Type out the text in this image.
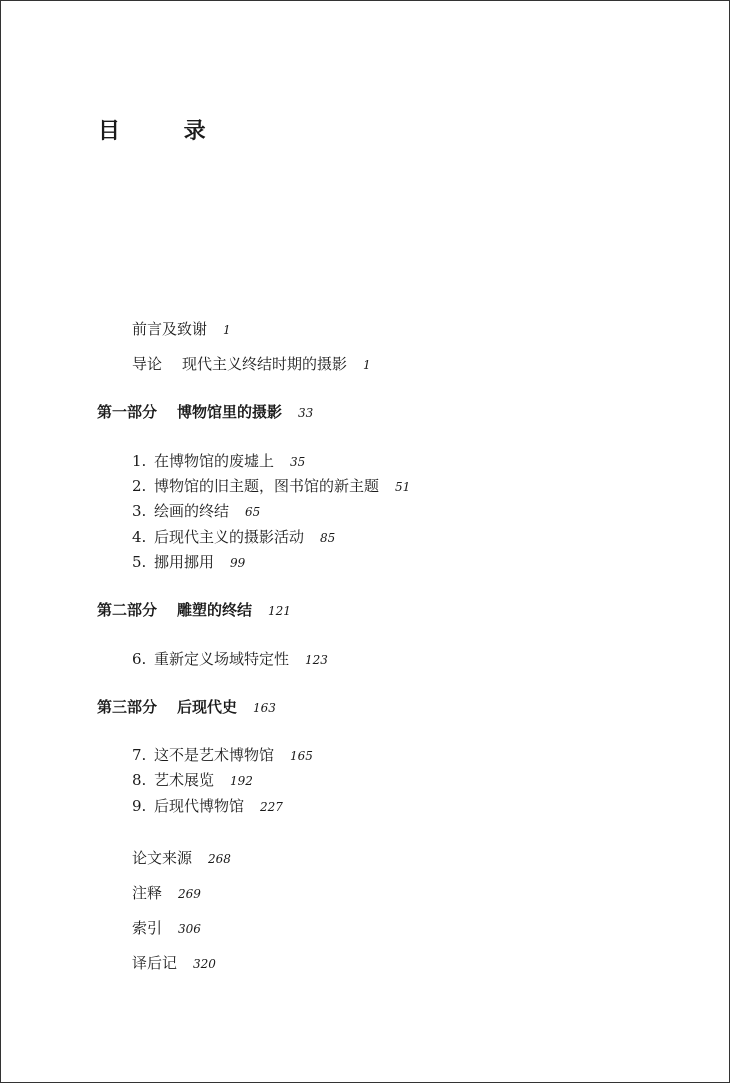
目 录
前言及致谢 1
导论 现代主义终结时期的摄影 1
第一部分 博物馆里的摄影 33
1. 在博物馆的废墟上 35
2. 博物馆的旧主题，图书馆的新主题 51
3. 绘画的终结 65
4. 后现代主义的摄影活动 85
5. 挪用挪用 99
第二部分 雕塑的终结 121
6. 重新定义场域特定性 123
第三部分 后现代史 163
7. 这不是艺术博物馆 165
8. 艺术展览 192
9. 后现代博物馆 227
论文来源 268
注释 269
索引 306
译后记 320
